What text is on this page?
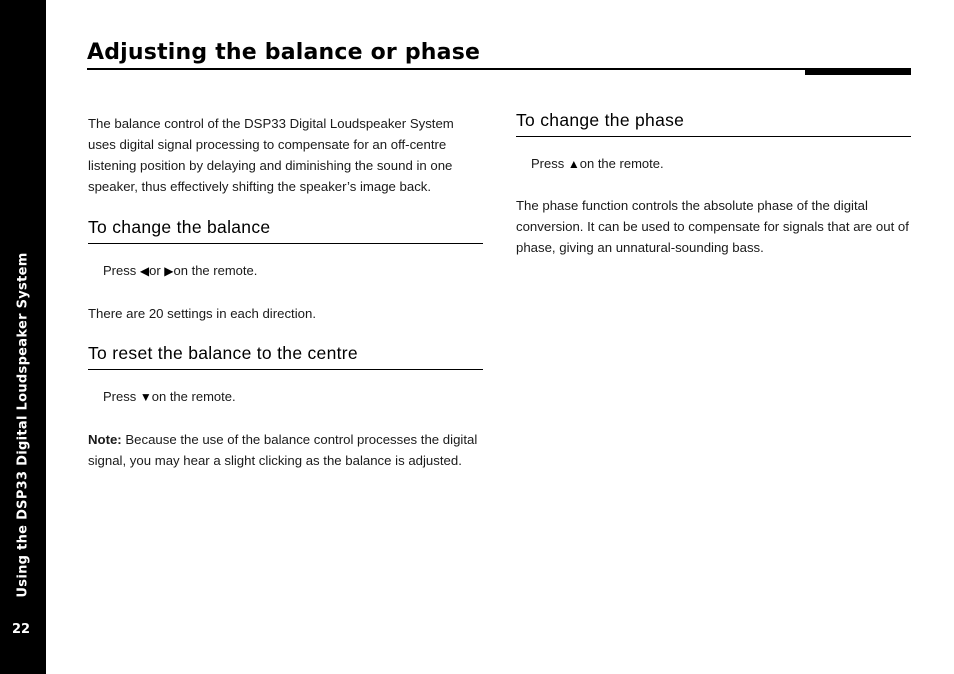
Using the DSP33 Digital Loudspeaker System
22
Adjusting the balance or phase

The balance control of the DSP33 Digital Loudspeaker System uses digital signal processing to compensate for an off-centre listening position by delaying and diminishing the sound in one speaker, thus effectively shifting the speaker’s image back.

To change the balance

Press ◀or ▶on the remote.

There are 20 settings in each direction.

To reset the balance to the centre

Press ▼on the remote.

Note: Because the use of the balance control processes the digital signal, you may hear a slight clicking as the balance is adjusted.

To change the phase

Press ▲on the remote.

The phase function controls the absolute phase of the digital conversion. It can be used to compensate for signals that are out of phase, giving an unnatural-sounding bass.
